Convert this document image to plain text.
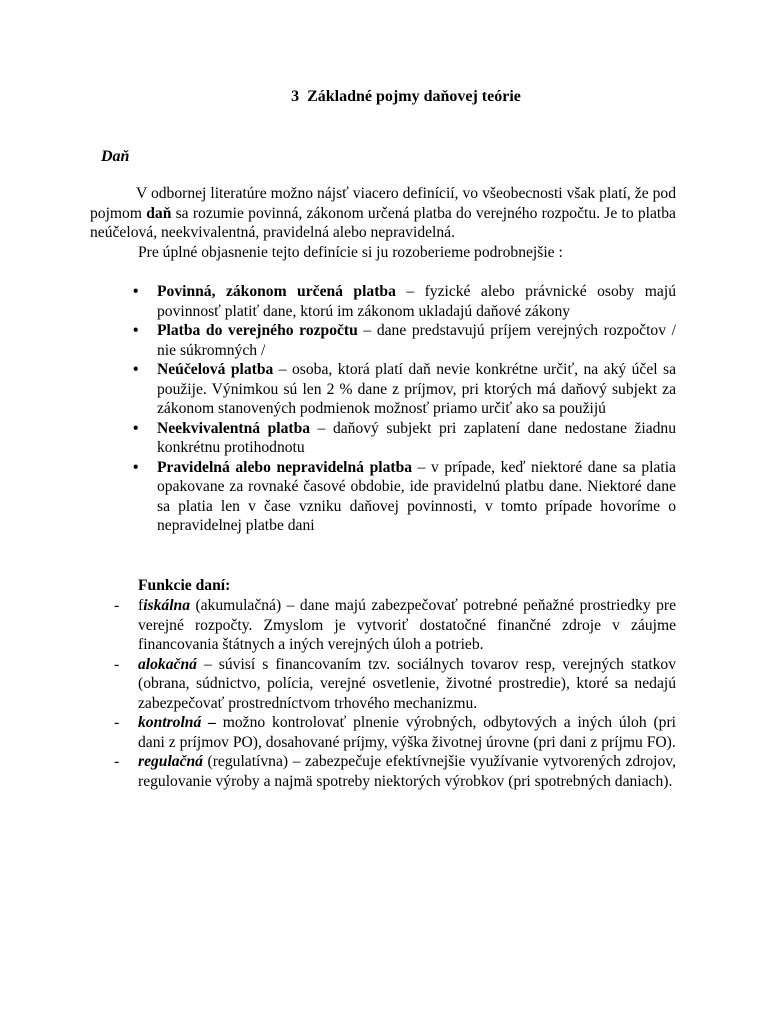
3 Základné pojmy daňovej teórie
Daň

V odbornej literatúre možno nájsť viacero definícií, vo všeobecnosti však platí, že pod pojmom daň sa rozumie povinná, zákonom určená platba do verejného rozpočtu. Je to platba neúčelová, neekvivalentná, pravidelná alebo nepravidelná.

Pre úplné objasnenie tejto definície si ju rozoberieme podrobnejšie :

•	Povinná, zákonom určená platba – fyzické alebo právnické osoby majú povinnosť platiť dane, ktorú im zákonom ukladajú daňové zákony
•	Platba do verejného rozpočtu – dane predstavujú príjem verejných rozpočtov / nie súkromných /
•	Neúčelová platba – osoba, ktorá platí daň nevie konkrétne určiť, na aký účel sa použije. Výnimkou sú len 2 % dane z príjmov, pri ktorých má daňový subjekt za zákonom stanovených podmienok možnosť priamo určiť ako sa použijú
•	Neekvivalentná platba – daňový subjekt pri zaplatení dane nedostane žiadnu konkrétnu protihodnotu
•	Pravidelná alebo nepravidelná platba – v prípade, keď niektoré dane sa platia opakovane za rovnaké časové obdobie, ide pravidelnú platbu dane. Niektoré dane sa platia len v čase vzniku daňovej povinnosti, v tomto prípade hovoríme o nepravidelnej platbe dani
Funkcie daní:
- fiskálna (akumulačná) – dane majú zabezpečovať potrebné peňažné prostriedky pre verejné rozpočty. Zmyslom je vytvoriť dostatočné finančné zdroje v záujme financovania štátnych a iných verejných úloh a potrieb.
- alokačná – súvisí s financovaním tzv. sociálnych tovarov resp, verejných statkov (obrana, súdnictvo, polícia, verejné osvetlenie, životné prostredie), ktoré sa nedajú zabezpečovať prostredníctvom trhového mechanizmu.
- kontrolná – možno kontrolovať plnenie výrobných, odbytových a iných úloh (pri dani z príjmov PO), dosahované príjmy, výška životnej úrovne (pri dani z príjmu FO).
- regulačná (regulatívna) – zabezpečuje efektívnejšie využívanie vytvorených zdrojov, regulovanie výroby a najmä spotreby niektorých výrobkov (pri spotrebných daniach).
